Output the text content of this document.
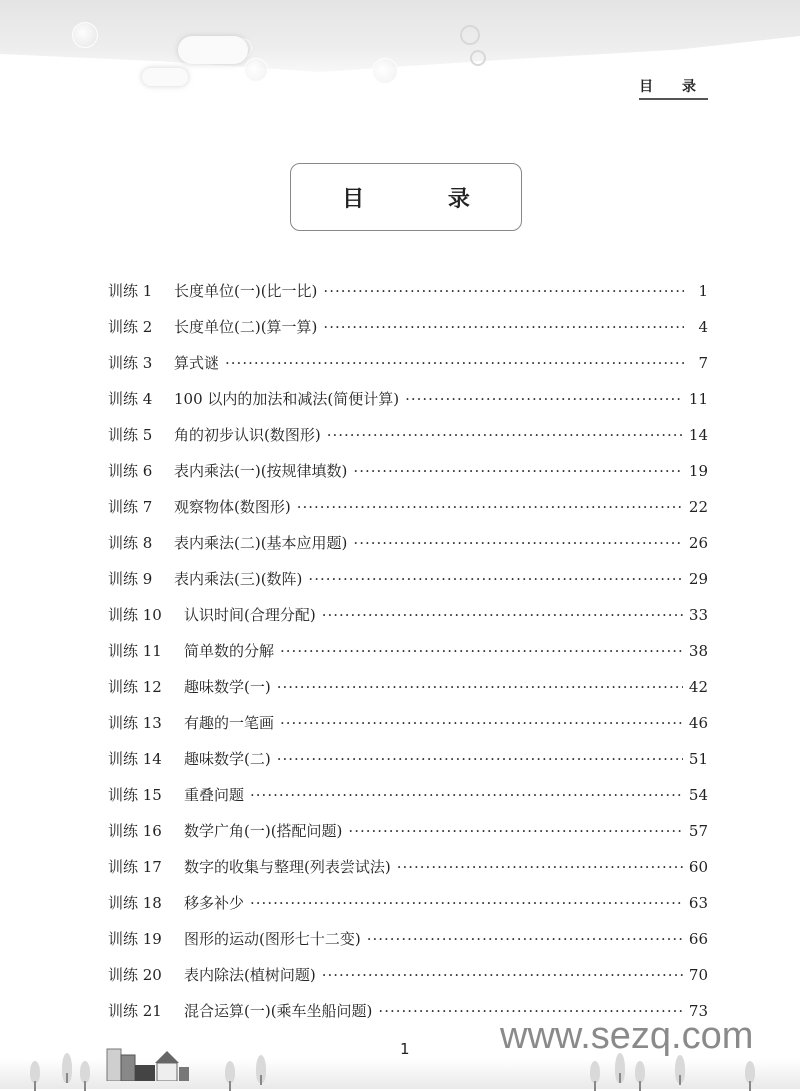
目 录
目 录
训练 1	长度单位(一)(比一比) ·····	1
训练 2	长度单位(二)(算一算) ·····	4
训练 3	算式谜 ·····	7
训练 4	100 以内的加法和减法(简便计算) ·····	11
训练 5	角的初步认识(数图形) ·····	14
训练 6	表内乘法(一)(按规律填数) ·····	19
训练 7	观察物体(数图形) ·····	22
训练 8	表内乘法(二)(基本应用题) ·····	26
训练 9	表内乘法(三)(数阵) ·····	29
训练 10	认识时间(合理分配) ·····	33
训练 11	简单数的分解 ·····	38
训练 12	趣味数学(一) ·····	42
训练 13	有趣的一笔画 ·····	46
训练 14	趣味数学(二) ·····	51
训练 15	重叠问题 ·····	54
训练 16	数学广角(一)(搭配问题) ·····	57
训练 17	数字的收集与整理(列表尝试法) ·····	60
训练 18	移多补少 ·····	63
训练 19	图形的运动(图形七十二变) ·····	66
训练 20	表内除法(植树问题) ·····	70
训练 21	混合运算(一)(乘车坐船问题) ·····	73
1 www.sezq.com
